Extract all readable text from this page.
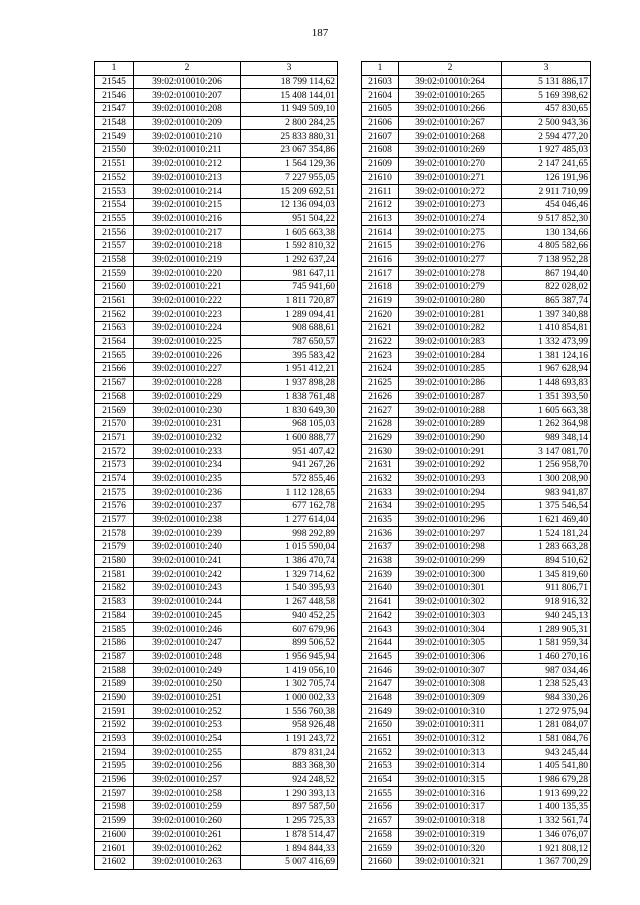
187
1	2	3
21545	39:02:010010:206	18 799 114,62
21546	39:02:010010:207	15 408 144,01
21547	39:02:010010:208	11 949 509,10
21548	39:02:010010:209	2 800 284,25
21549	39:02:010010:210	25 833 880,31
21550	39:02:010010:211	23 067 354,86
21551	39:02:010010:212	1 564 129,36
21552	39:02:010010:213	7 227 955,05
21553	39:02:010010:214	15 209 692,51
21554	39:02:010010:215	12 136 094,03
21555	39:02:010010:216	951 504,22
21556	39:02:010010:217	1 605 663,38
21557	39:02:010010:218	1 592 810,32
21558	39:02:010010:219	1 292 637,24
21559	39:02:010010:220	981 647,11
21560	39:02:010010:221	745 941,60
21561	39:02:010010:222	1 811 720,87
21562	39:02:010010:223	1 289 094,41
21563	39:02:010010:224	908 688,61
21564	39:02:010010:225	787 650,57
21565	39:02:010010:226	395 583,42
21566	39:02:010010:227	1 951 412,21
21567	39:02:010010:228	1 937 898,28
21568	39:02:010010:229	1 838 761,48
21569	39:02:010010:230	1 830 649,30
21570	39:02:010010:231	968 105,03
21571	39:02:010010:232	1 600 888,77
21572	39:02:010010:233	951 407,42
21573	39:02:010010:234	941 267,26
21574	39:02:010010:235	572 855,46
21575	39:02:010010:236	1 112 128,65
21576	39:02:010010:237	677 162,78
21577	39:02:010010:238	1 277 614,04
21578	39:02:010010:239	998 292,89
21579	39:02:010010:240	1 015 590,04
21580	39:02:010010:241	1 386 470,74
21581	39:02:010010:242	1 329 714,62
21582	39:02:010010:243	1 540 395,93
21583	39:02:010010:244	1 267 448,58
21584	39:02:010010:245	940 452,25
21585	39:02:010010:246	607 679,96
21586	39:02:010010:247	899 506,52
21587	39:02:010010:248	1 956 945,94
21588	39:02:010010:249	1 419 056,10
21589	39:02:010010:250	1 302 705,74
21590	39:02:010010:251	1 000 002,33
21591	39:02:010010:252	1 556 760,38
21592	39:02:010010:253	958 926,48
21593	39:02:010010:254	1 191 243,72
21594	39:02:010010:255	879 831,24
21595	39:02:010010:256	883 368,30
21596	39:02:010010:257	924 248,52
21597	39:02:010010:258	1 290 393,13
21598	39:02:010010:259	897 587,50
21599	39:02:010010:260	1 295 725,33
21600	39:02:010010:261	1 878 514,47
21601	39:02:010010:262	1 894 844,33
21602	39:02:010010:263	5 007 416,69
1	2	3
21603	39:02:010010:264	5 131 886,17
21604	39:02:010010:265	5 169 398,62
21605	39:02:010010:266	457 830,65
21606	39:02:010010:267	2 500 943,36
21607	39:02:010010:268	2 594 477,20
21608	39:02:010010:269	1 927 485,03
21609	39:02:010010:270	2 147 241,65
21610	39:02:010010:271	126 191,96
21611	39:02:010010:272	2 911 710,99
21612	39:02:010010:273	454 046,46
21613	39:02:010010:274	9 517 852,30
21614	39:02:010010:275	130 134,66
21615	39:02:010010:276	4 805 582,66
21616	39:02:010010:277	7 138 952,28
21617	39:02:010010:278	867 194,40
21618	39:02:010010:279	822 028,02
21619	39:02:010010:280	865 387,74
21620	39:02:010010:281	1 397 340,88
21621	39:02:010010:282	1 410 854,81
21622	39:02:010010:283	1 332 473,99
21623	39:02:010010:284	1 381 124,16
21624	39:02:010010:285	1 967 628,94
21625	39:02:010010:286	1 448 693,83
21626	39:02:010010:287	1 351 393,50
21627	39:02:010010:288	1 605 663,38
21628	39:02:010010:289	1 262 364,98
21629	39:02:010010:290	989 348,14
21630	39:02:010010:291	3 147 081,70
21631	39:02:010010:292	1 256 958,70
21632	39:02:010010:293	1 300 208,90
21633	39:02:010010:294	983 941,87
21634	39:02:010010:295	1 375 546,54
21635	39:02:010010:296	1 621 469,40
21636	39:02:010010:297	1 524 181,24
21637	39:02:010010:298	1 283 663,28
21638	39:02:010010:299	894 510,62
21639	39:02:010010:300	1 345 819,60
21640	39:02:010010:301	911 806,71
21641	39:02:010010:302	918 916,32
21642	39:02:010010:303	940 245,13
21643	39:02:010010:304	1 289 905,31
21644	39:02:010010:305	1 581 959,34
21645	39:02:010010:306	1 460 270,16
21646	39:02:010010:307	987 034,46
21647	39:02:010010:308	1 238 525,43
21648	39:02:010010:309	984 330,26
21649	39:02:010010:310	1 272 975,94
21650	39:02:010010:311	1 281 084,07
21651	39:02:010010:312	1 581 084,76
21652	39:02:010010:313	943 245,44
21653	39:02:010010:314	1 405 541,80
21654	39:02:010010:315	1 986 679,28
21655	39:02:010010:316	1 913 699,22
21656	39:02:010010:317	1 400 135,35
21657	39:02:010010:318	1 332 561,74
21658	39:02:010010:319	1 346 076,07
21659	39:02:010010:320	1 921 808,12
21660	39:02:010010:321	1 367 700,29
